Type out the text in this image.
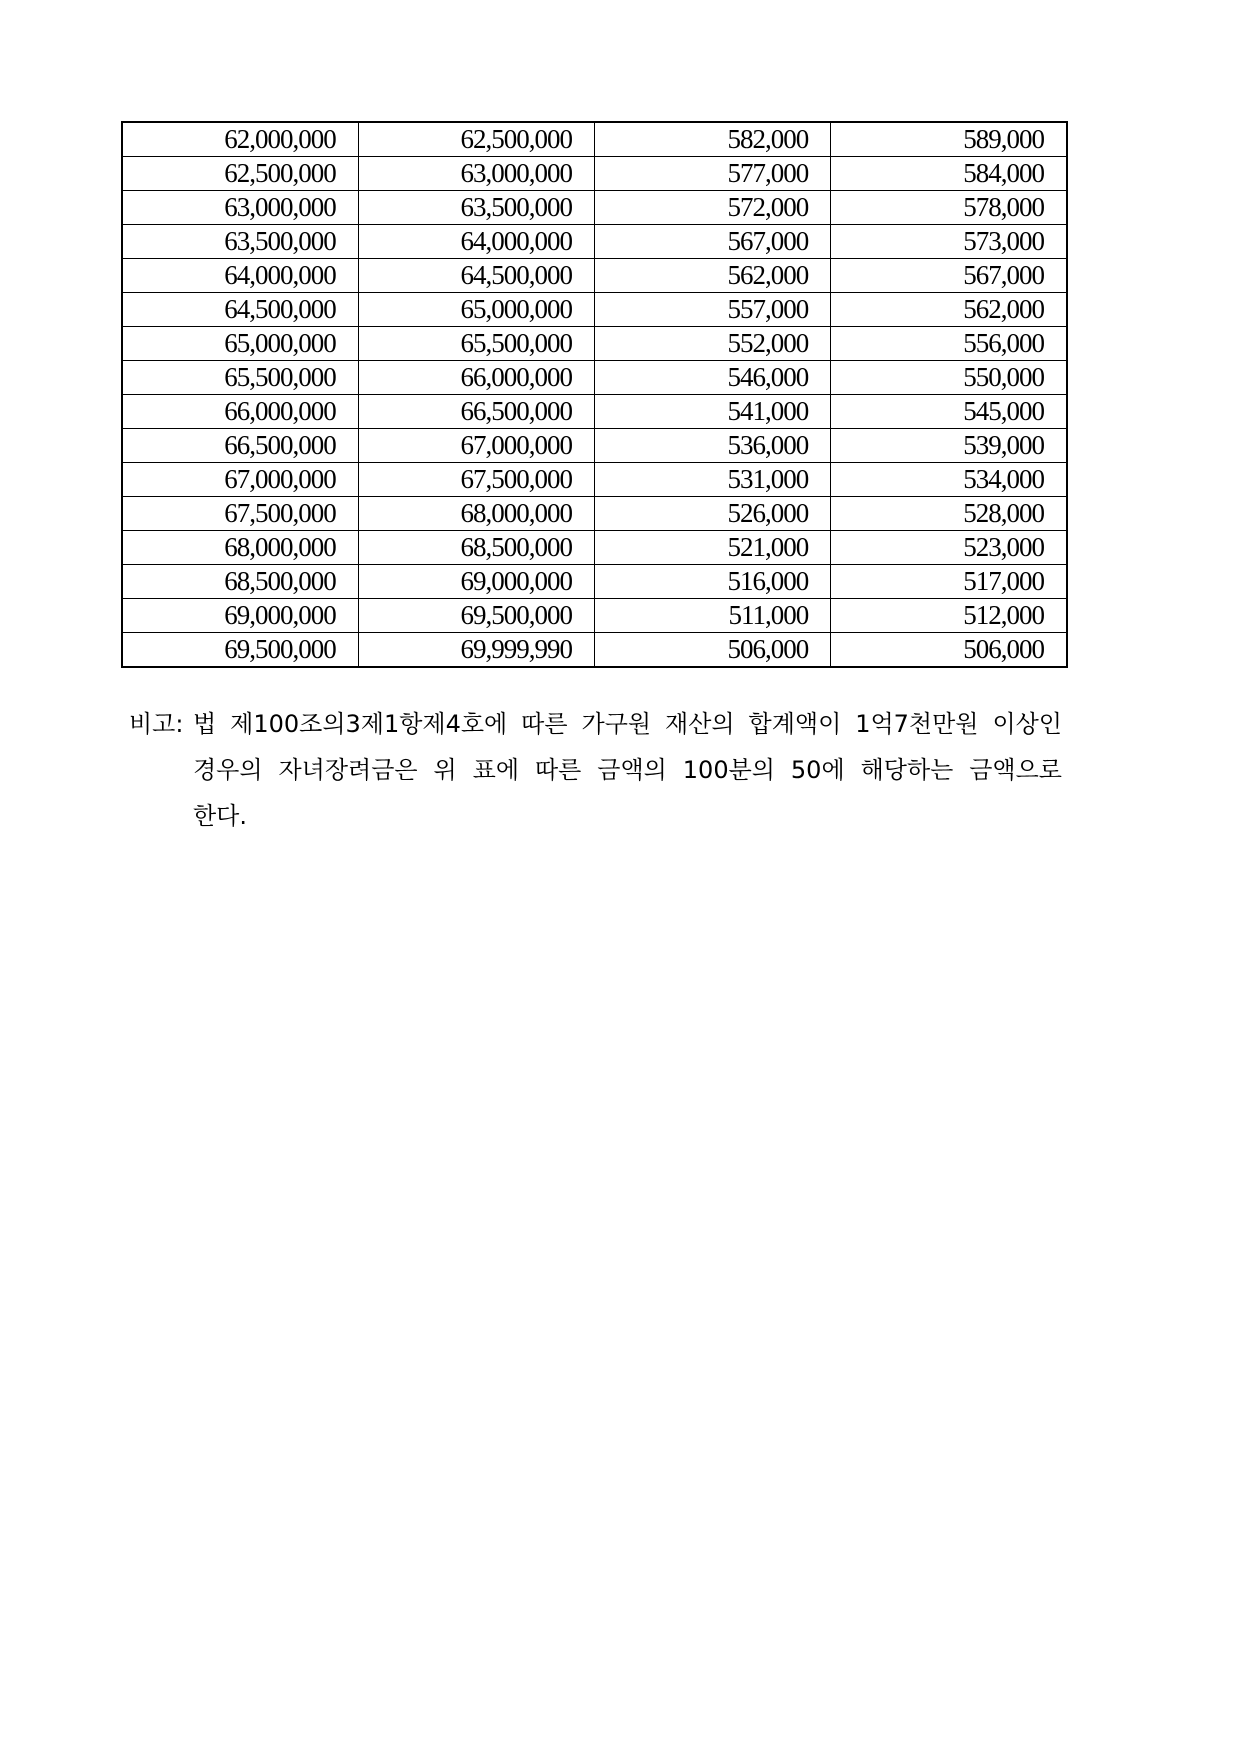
62,000,000	62,500,000	582,000	589,000
62,500,000	63,000,000	577,000	584,000
63,000,000	63,500,000	572,000	578,000
63,500,000	64,000,000	567,000	573,000
64,000,000	64,500,000	562,000	567,000
64,500,000	65,000,000	557,000	562,000
65,000,000	65,500,000	552,000	556,000
65,500,000	66,000,000	546,000	550,000
66,000,000	66,500,000	541,000	545,000
66,500,000	67,000,000	536,000	539,000
67,000,000	67,500,000	531,000	534,000
67,500,000	68,000,000	526,000	528,000
68,000,000	68,500,000	521,000	523,000
68,500,000	69,000,000	516,000	517,000
69,000,000	69,500,000	511,000	512,000
69,500,000	69,999,990	506,000	506,000
비고: 법 제100조의3제1항제4호에 따른 가구원 재산의 합계액이 1억7천만원 이상인
경우의 자녀장려금은 위 표에 따른 금액의 100분의 50에 해당하는 금액으로
한다.
